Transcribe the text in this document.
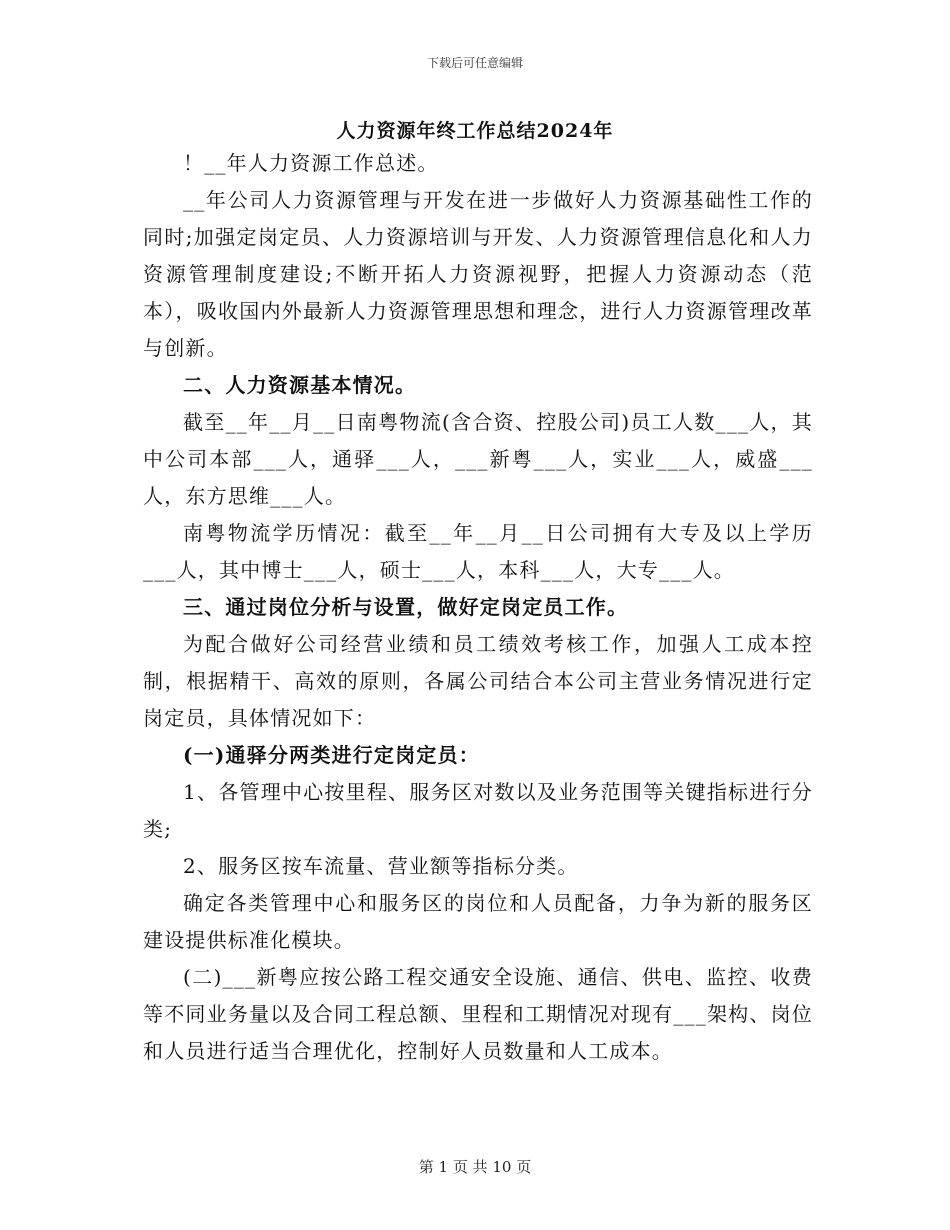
下载后可任意编辑
人力资源年终工作总结2024年

！__年人力资源工作总述。

__年公司人力资源管理与开发在进一步做好人力资源基础性工作的同时;加强定岗定员、人力资源培训与开发、人力资源管理信息化和人力资源管理制度建设;不断开拓人力资源视野，把握人力资源动态（范本），吸收国内外最新人力资源管理思想和理念，进行人力资源管理改革与创新。

二、人力资源基本情况。

截至__年__月__日南粤物流(含合资、控股公司)员工人数___人，其中公司本部___人，通驿___人，___新粤___人，实业___人，威盛___人，东方思维___人。

南粤物流学历情况：截至__年__月__日公司拥有大专及以上学历___人，其中博士___人，硕士___人，本科___人，大专___人。

三、通过岗位分析与设置，做好定岗定员工作。

为配合做好公司经营业绩和员工绩效考核工作，加强人工成本控制，根据精干、高效的原则，各属公司结合本公司主营业务情况进行定岗定员，具体情况如下：

(一)通驿分两类进行定岗定员：

1、各管理中心按里程、服务区对数以及业务范围等关键指标进行分类;

2、服务区按车流量、营业额等指标分类。

确定各类管理中心和服务区的岗位和人员配备，力争为新的服务区建设提供标准化模块。

(二)___新粤应按公路工程交通安全设施、通信、供电、监控、收费等不同业务量以及合同工程总额、里程和工期情况对现有___架构、岗位和人员进行适当合理优化，控制好人员数量和人工成本。

第 1 页 共 10 页
